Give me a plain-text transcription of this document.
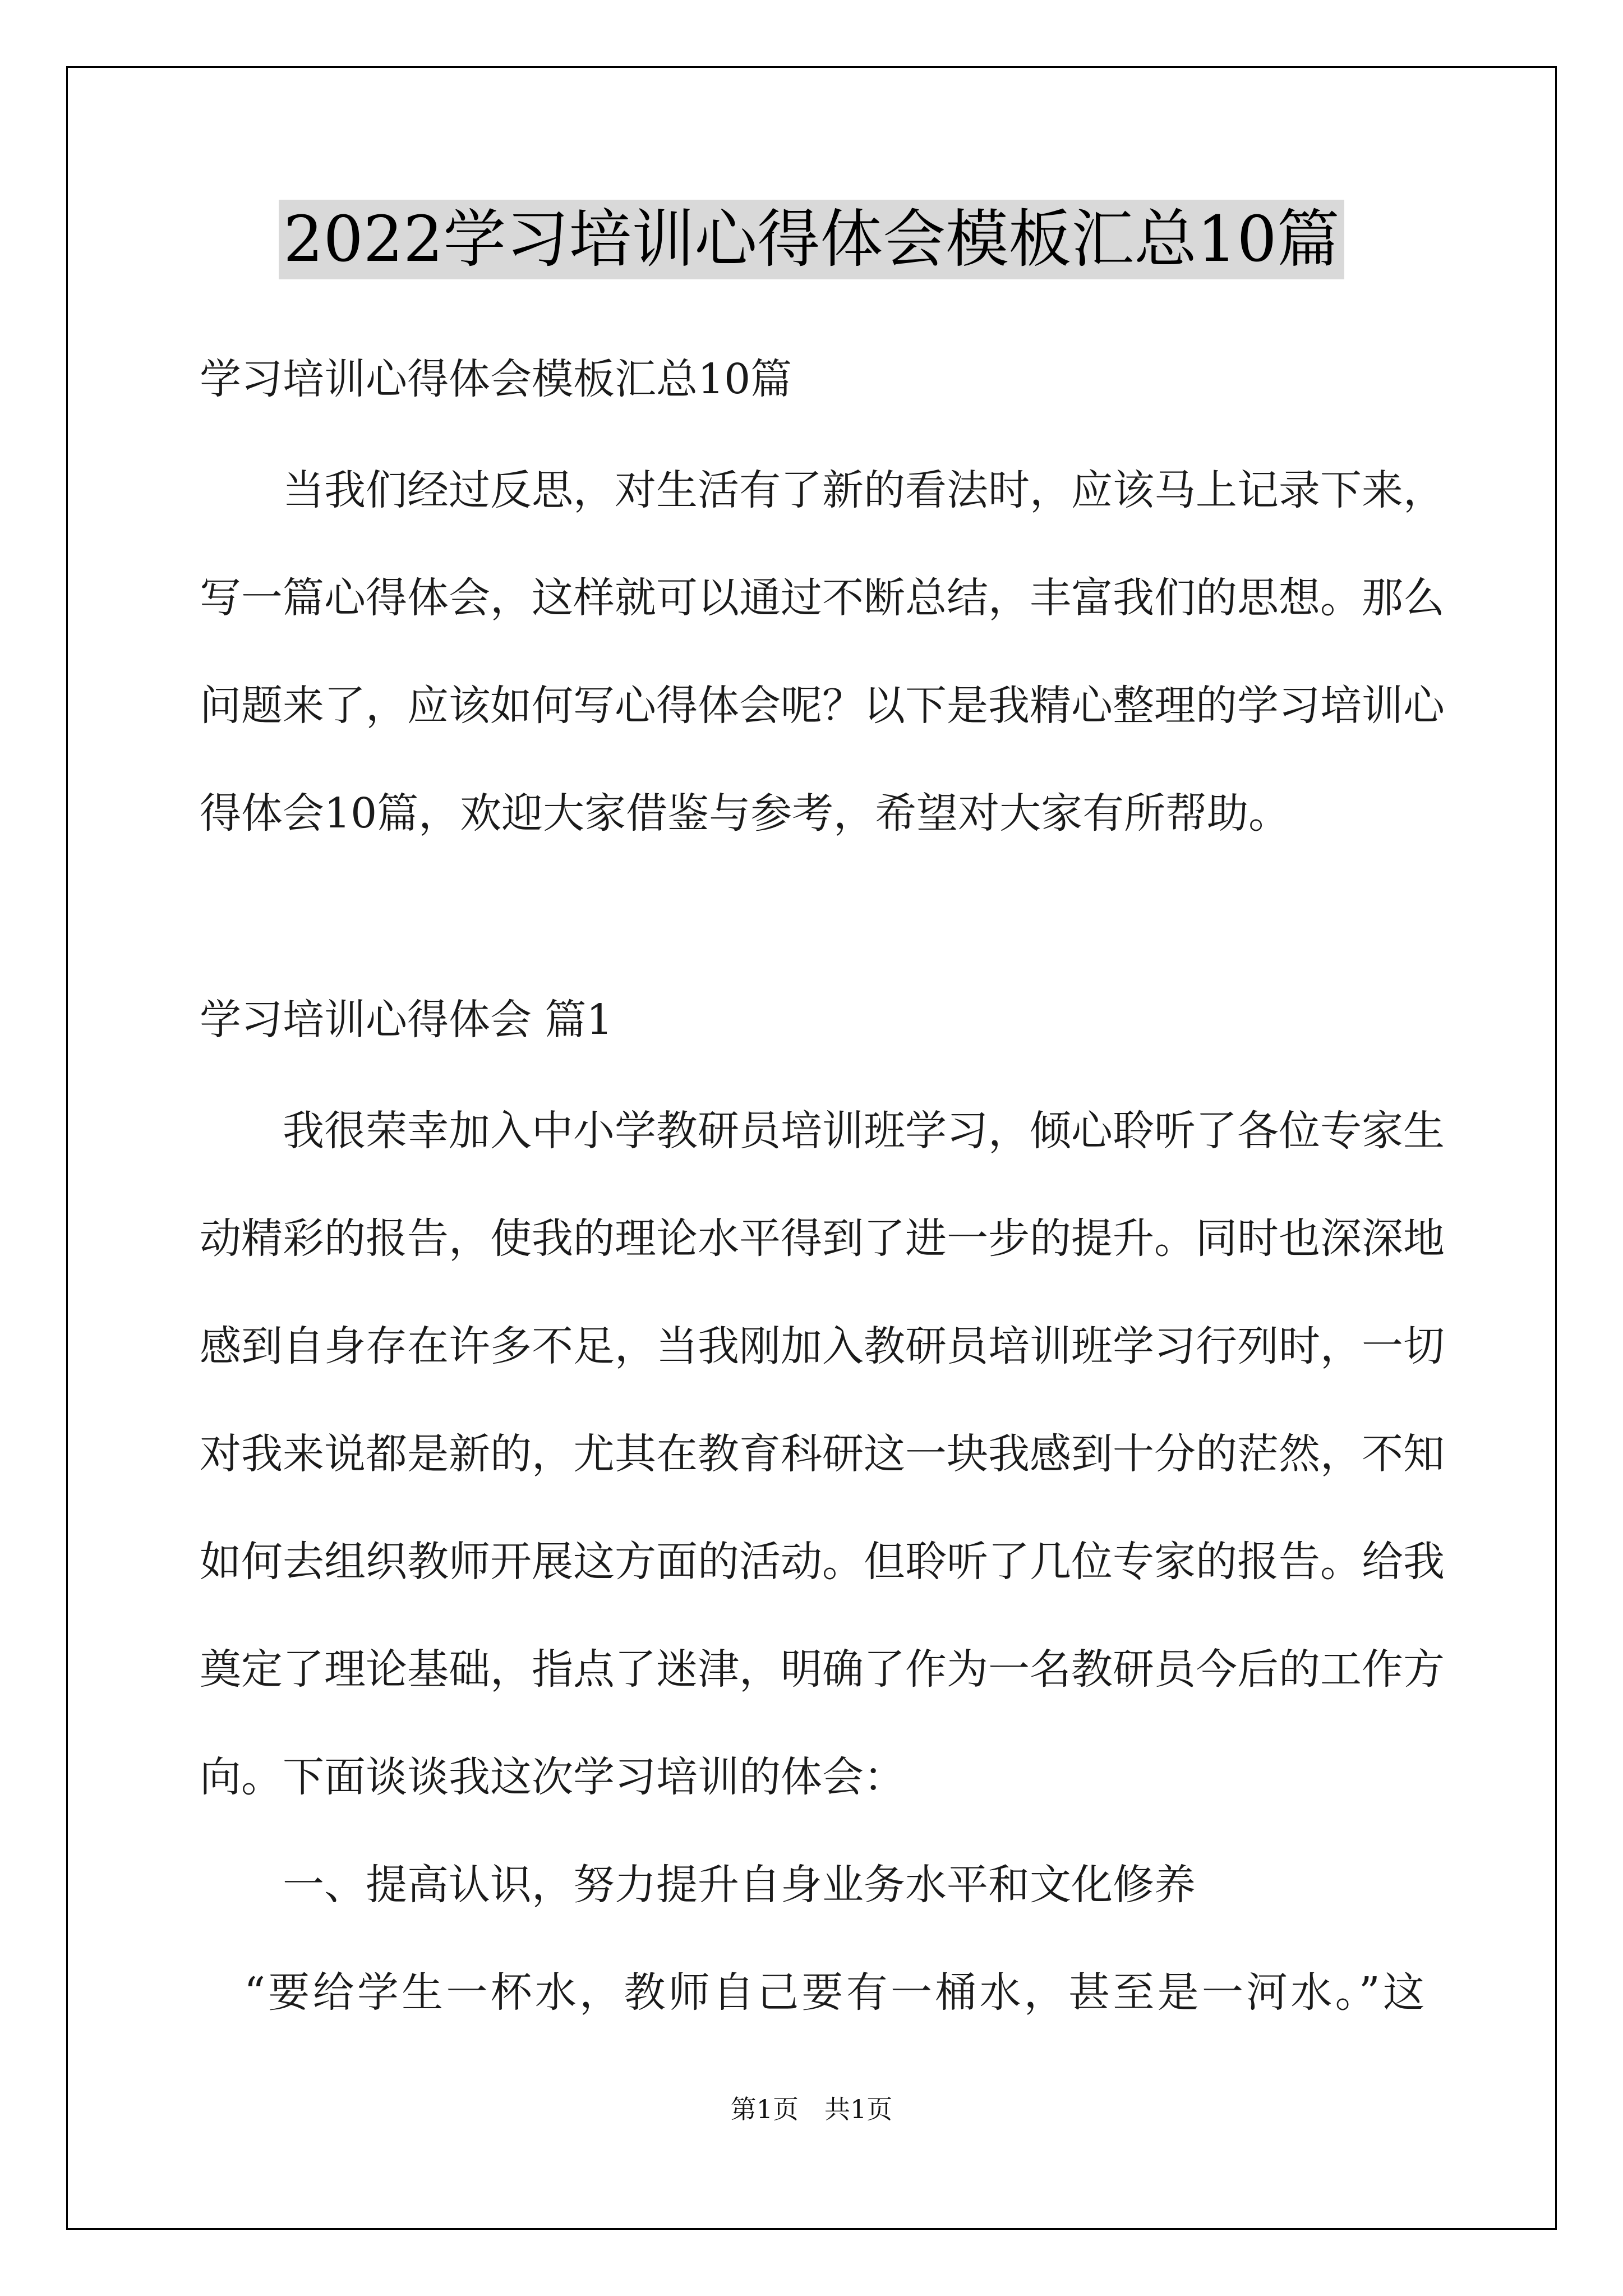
2022学习培训心得体会模板汇总10篇
学习培训心得体会模板汇总10篇
　　当我们经过反思，对生活有了新的看法时，应该马上记录下来，
写一篇心得体会，这样就可以通过不断总结，丰富我们的思想。那么
问题来了，应该如何写心得体会呢？以下是我精心整理的学习培训心
得体会10篇，欢迎大家借鉴与参考，希望对大家有所帮助。
学习培训心得体会 篇1
　　我很荣幸加入中小学教研员培训班学习，倾心聆听了各位专家生
动精彩的报告，使我的理论水平得到了进一步的提升。同时也深深地
感到自身存在许多不足，当我刚加入教研员培训班学习行列时，一切
对我来说都是新的，尤其在教育科研这一块我感到十分的茫然，不知
如何去组织教师开展这方面的活动。但聆听了几位专家的报告。给我
奠定了理论基础，指点了迷津，明确了作为一名教研员今后的工作方
向。下面谈谈我这次学习培训的体会：
　　一、提高认识，努力提升自身业务水平和文化修养
　“要给学生一杯水，教师自己要有一桶水，甚至是一河水。”这
第1页　共1页
